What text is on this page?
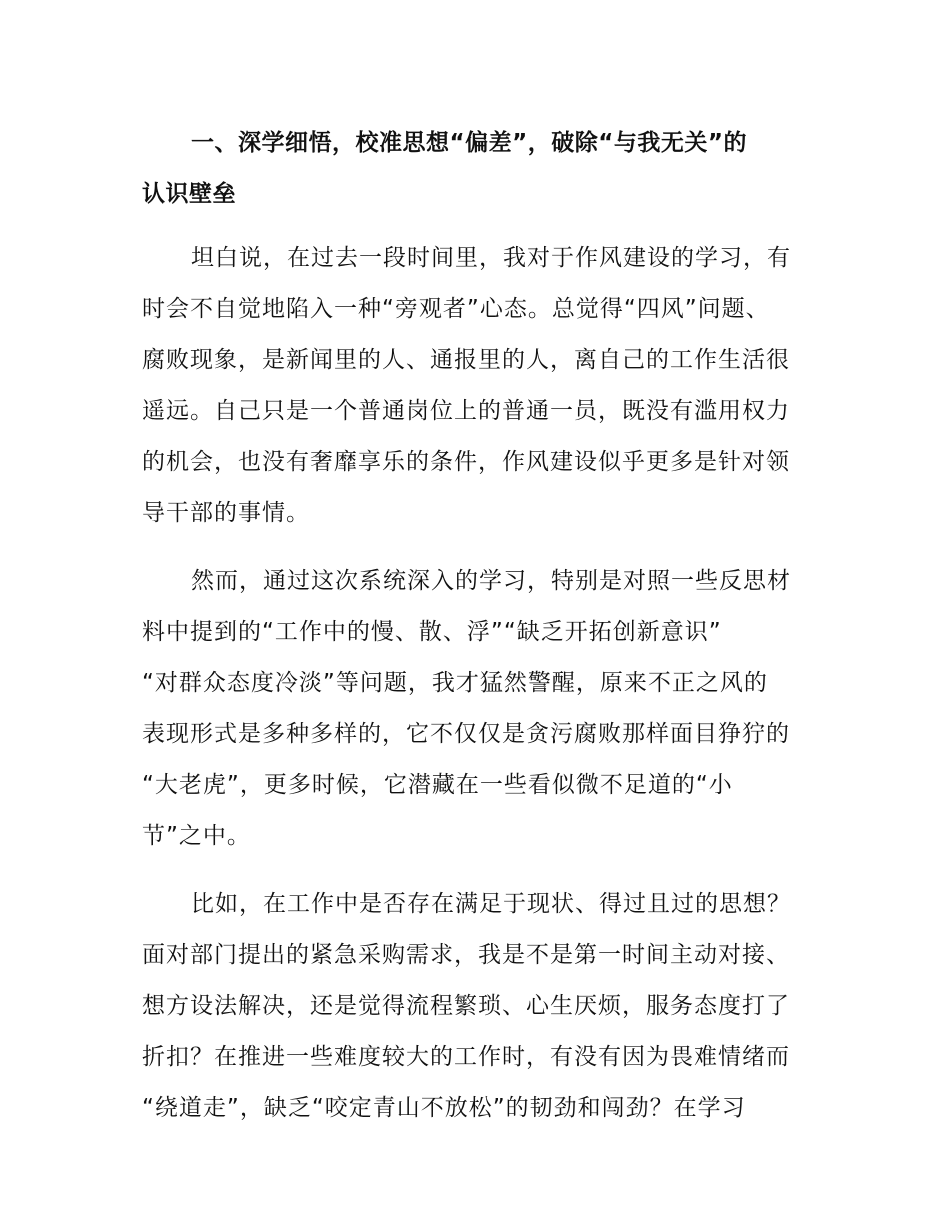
一、深学细悟，校准思想“偏差”，破除“与我无关”的
认识壁垒
坦白说，在过去一段时间里，我对于作风建设的学习，有
时会不自觉地陷入一种“旁观者”心态。总觉得“四风”问题、
腐败现象，是新闻里的人、通报里的人，离自己的工作生活很
遥远。自己只是一个普通岗位上的普通一员，既没有滥用权力
的机会，也没有奢靡享乐的条件，作风建设似乎更多是针对领
导干部的事情。
然而，通过这次系统深入的学习，特别是对照一些反思材
料中提到的“工作中的慢、散、浮”“缺乏开拓创新意识”
“对群众态度冷淡”等问题，我才猛然警醒，原来不正之风的
表现形式是多种多样的，它不仅仅是贪污腐败那样面目狰狞的
“大老虎”，更多时候，它潜藏在一些看似微不足道的“小
节”之中。
比如，在工作中是否存在满足于现状、得过且过的思想？
面对部门提出的紧急采购需求，我是不是第一时间主动对接、
想方设法解决，还是觉得流程繁琐、心生厌烦，服务态度打了
折扣？在推进一些难度较大的工作时，有没有因为畏难情绪而
“绕道走”，缺乏“咬定青山不放松”的韧劲和闯劲？在学习
